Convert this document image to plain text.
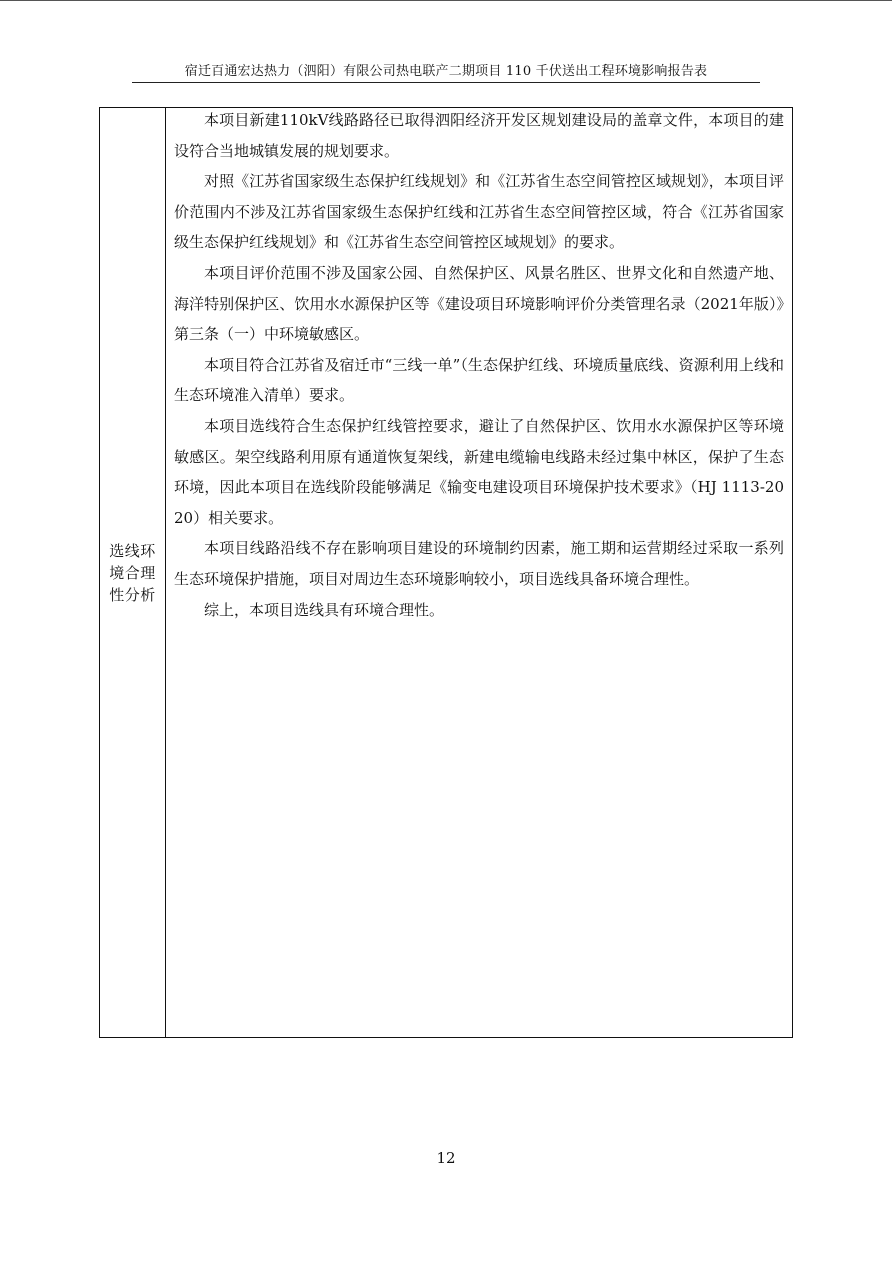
宿迁百通宏达热力（泗阳）有限公司热电联产二期项目 110 千伏送出工程环境影响报告表
选线环境合理性分析

本项目新建110kV线路路径已取得泗阳经济开发区规划建设局的盖章文件，本项目的建设符合当地城镇发展的规划要求。

对照《江苏省国家级生态保护红线规划》和《江苏省生态空间管控区域规划》，本项目评价范围内不涉及江苏省国家级生态保护红线和江苏省生态空间管控区域，符合《江苏省国家级生态保护红线规划》和《江苏省生态空间管控区域规划》的要求。

本项目评价范围不涉及国家公园、自然保护区、风景名胜区、世界文化和自然遗产地、海洋特别保护区、饮用水水源保护区等《建设项目环境影响评价分类管理名录（2021年版）》第三条（一）中环境敏感区。

本项目符合江苏省及宿迁市“三线一单”（生态保护红线、环境质量底线、资源利用上线和生态环境准入清单）要求。

本项目选线符合生态保护红线管控要求，避让了自然保护区、饮用水水源保护区等环境敏感区。架空线路利用原有通道恢复架线，新建电缆输电线路未经过集中林区，保护了生态环境，因此本项目在选线阶段能够满足《输变电建设项目环境保护技术要求》（HJ 1113-2020）相关要求。

本项目线路沿线不存在影响项目建设的环境制约因素，施工期和运营期经过采取一系列生态环境保护措施，项目对周边生态环境影响较小，项目选线具备环境合理性。

综上，本项目选线具有环境合理性。

12
